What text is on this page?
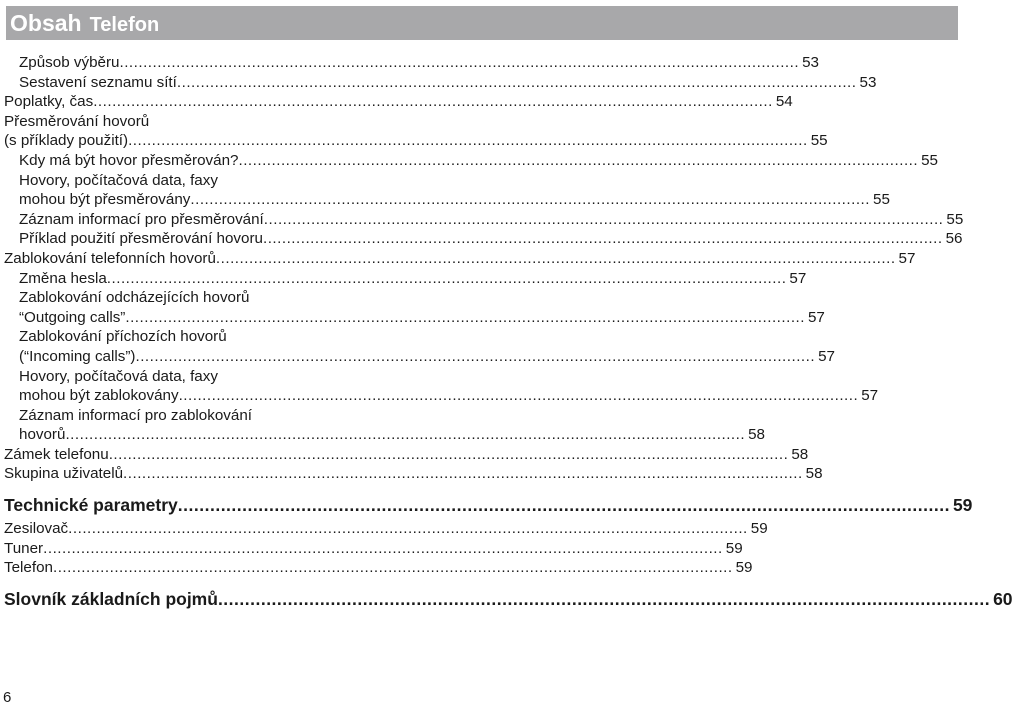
Obsah Telefon
Způsob výběru .....	53
Sestavení seznamu sítí .....	53
Poplatky, čas .....	54
Přesměrování hovorů
(s příklady použití) .....	55
Kdy má být hovor přesměrován? .....	55
Hovory, počítačová data, faxy
mohou být přesměrovány .....	55
Záznam informací pro přesměrování .....	55
Příklad použití přesměrování hovoru .....	56
Zablokování telefonních hovorů .....	57
Změna hesla .....	57
Zablokování odcházejících hovorů
“Outgoing calls” .....	57
Zablokování příchozích hovorů
(“Incoming calls”) .....	57
Hovory, počítačová data, faxy
mohou být zablokovány .....	57
Záznam informací pro zablokování
hovorů .....	58
Zámek telefonu .....	58
Skupina uživatelů .....	58
Technické parametry .....	59
Zesilovač .....	59
Tuner .....	59
Telefon .....	59
Slovník základních pojmů .....	60
6
